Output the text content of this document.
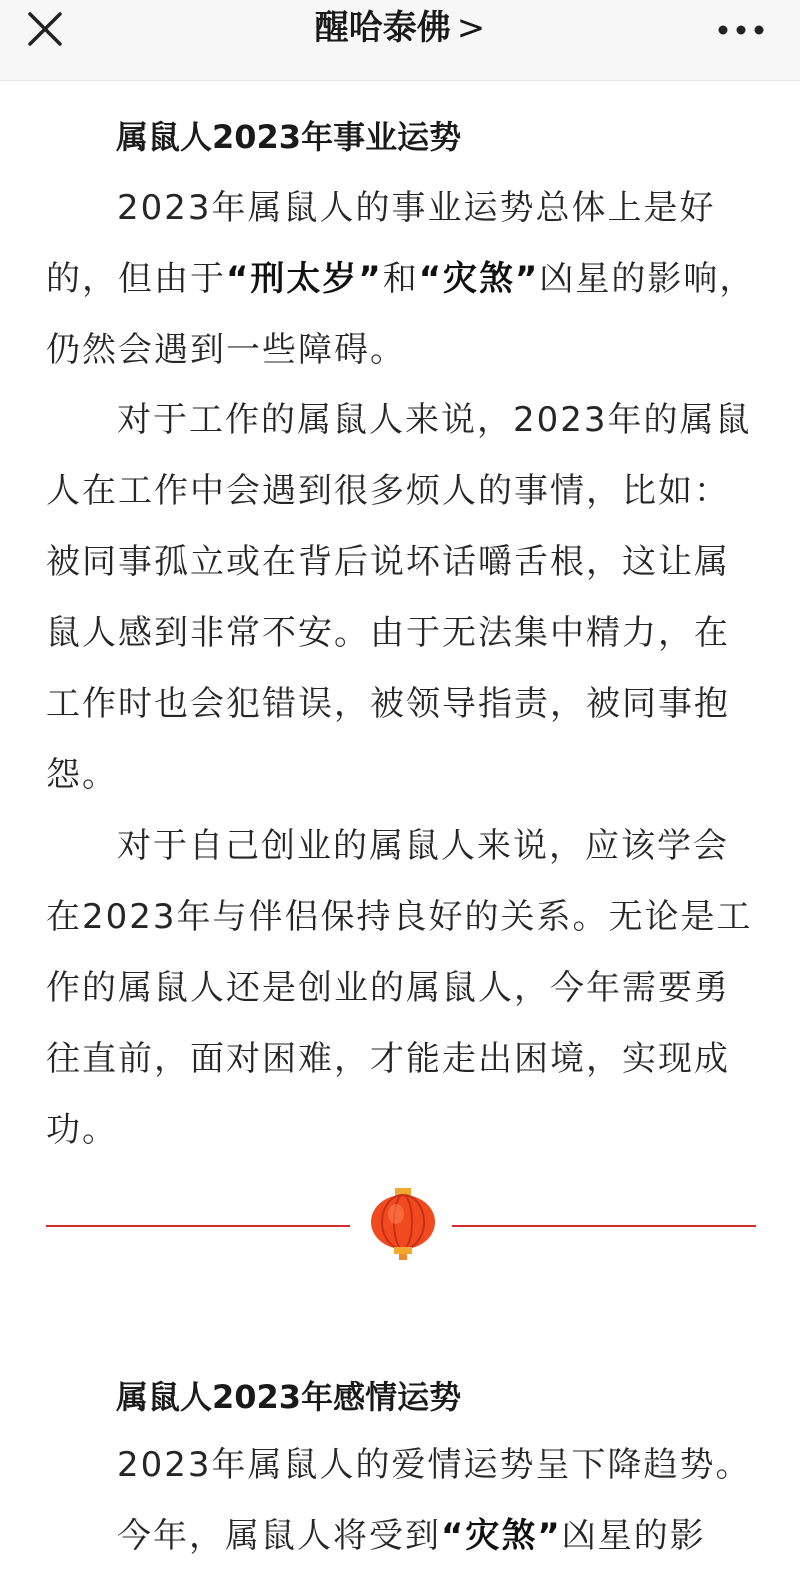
属鼠人2023年事业运势

2023年属鼠人的事业运势总体上是好的，但由于“刑太岁”和“灾煞”凶星的影响，仍然会遇到一些障碍。

对于工作的属鼠人来说，2023年的属鼠人在工作中会遇到很多烦人的事情，比如：被同事孤立或在背后说坏话嚼舌根，这让属鼠人感到非常不安。由于无法集中精力，在工作时也会犯错误，被领导指责，被同事抱怨。

对于自己创业的属鼠人来说，应该学会在2023年与伴侣保持良好的关系。无论是工作的属鼠人还是创业的属鼠人，今年需要勇往直前，面对困难，才能走出困境，实现成功。

属鼠人2023年感情运势

2023年属鼠人的爱情运势呈下降趋势。

今年，属鼠人将受到“灾煞”凶星的影

醒哈泰佛 >
